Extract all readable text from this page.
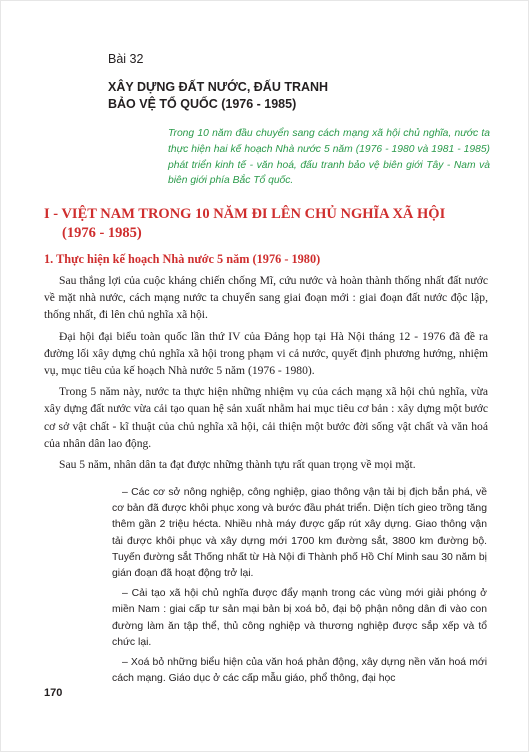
Bài 32
XÂY DỰNG ĐẤT NƯỚC, ĐẤU TRANH
BẢO VỆ TỔ QUỐC (1976 - 1985)

Trong 10 năm đầu chuyển sang cách mạng xã hội chủ nghĩa, nước ta thực hiện hai kế hoạch Nhà nước 5 năm (1976 - 1980 và 1981 - 1985) phát triển kinh tế - văn hoá, đấu tranh bảo vệ biên giới Tây - Nam và biên giới phía Bắc Tổ quốc.

I - VIỆT NAM TRONG 10 NĂM ĐI LÊN CHỦ NGHĨA XÃ HỘI
(1976 - 1985)
1. Thực hiện kế hoạch Nhà nước 5 năm (1976 - 1980)

Sau thắng lợi của cuộc kháng chiến chống Mĩ, cứu nước và hoàn thành thống nhất đất nước về mặt nhà nước, cách mạng nước ta chuyển sang giai đoạn mới : giai đoạn đất nước độc lập, thống nhất, đi lên chủ nghĩa xã hội.

Đại hội đại biểu toàn quốc lần thứ IV của Đảng họp tại Hà Nội tháng 12 - 1976 đã đề ra đường lối xây dựng chủ nghĩa xã hội trong phạm vi cả nước, quyết định phương hướng, nhiệm vụ, mục tiêu của kế hoạch Nhà nước 5 năm (1976 - 1980).

Trong 5 năm này, nước ta thực hiện những nhiệm vụ của cách mạng xã hội chủ nghĩa, vừa xây dựng đất nước vừa cải tạo quan hệ sản xuất nhằm hai mục tiêu cơ bản : xây dựng một bước cơ sở vật chất - kĩ thuật của chủ nghĩa xã hội, cải thiện một bước đời sống vật chất và văn hoá của nhân dân lao động.

Sau 5 năm, nhân dân ta đạt được những thành tựu rất quan trọng về mọi mặt.

– Các cơ sở nông nghiệp, công nghiệp, giao thông vận tải bị địch bắn phá, về cơ bản đã được khôi phục xong và bước đầu phát triển. Diện tích gieo trồng tăng thêm gần 2 triệu hécta. Nhiều nhà máy được gấp rút xây dựng. Giao thông vận tải được khôi phục và xây dựng mới 1700 km đường sắt, 3800 km đường bộ. Tuyến đường sắt Thống nhất từ Hà Nội đi Thành phố Hồ Chí Minh sau 30 năm bị gián đoạn đã hoạt động trở lại.

– Cải tạo xã hội chủ nghĩa được đẩy mạnh trong các vùng mới giải phóng ở miền Nam : giai cấp tư sản mại bản bị xoá bỏ, đại bộ phận nông dân đi vào con đường làm ăn tập thể, thủ công nghiệp và thương nghiệp được sắp xếp và tổ chức lại.

– Xoá bỏ những biểu hiện của văn hoá phản động, xây dựng nền văn hoá mới cách mạng. Giáo dục ở các cấp mẫu giáo, phổ thông, đại học

170
